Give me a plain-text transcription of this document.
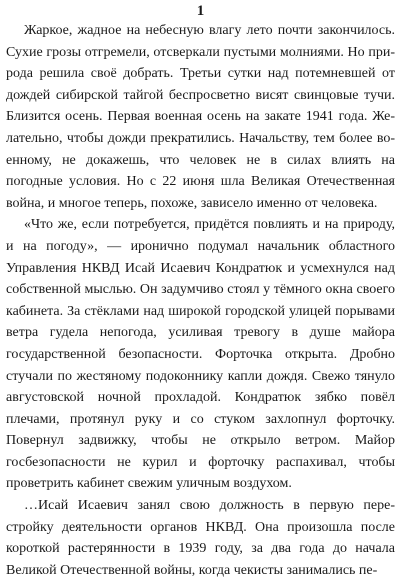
1

Жаркое, жадное на небесную влагу лето почти закончилось. Сухие грозы отгремели, отсверкали пустыми молниями. Но природа решила своё добрать. Третьи сутки над потемневшей от дождей сибирской тайгой беспросветно висят свинцовые тучи. Близится осень. Первая военная осень на закате 1941 года. Желательно, чтобы дожди прекратились. Начальству, тем более военному, не докажешь, что человек не в силах влиять на погодные условия. Но с 22 июня шла Великая Отечественная война, и многое теперь, похоже, зависело именно от человека.

«Что же, если потребуется, придётся повлиять и на природу, и на погоду», — иронично подумал начальник областного Управления НКВД Исай Исаевич Кондратюк и усмехнулся над собственной мыслью. Он задумчиво стоял у тёмного окна своего кабинета. За стёклами над широкой городской улицей порывами ветра гудела непогода, усиливая тревогу в душе майора государственной безопасности. Форточка открыта. Дробно стучали по жестяному подоконнику капли дождя. Свежо тянуло августовской ночной прохладой. Кондратюк зябко повёл плечами, протянул руку и со стуком захлопнул форточку. Повернул задвижку, чтобы не открыло ветром. Майор госбезопасности не курил и форточку распахивал, чтобы проветрить кабинет свежим уличным воздухом.

…Исай Исаевич занял свою должность в первую перестройку деятельности органов НКВД. Она произошла после короткой растерянности в 1939 году, за два года до начала Великой Отечественной войны, когда чекисты занимались пе-
